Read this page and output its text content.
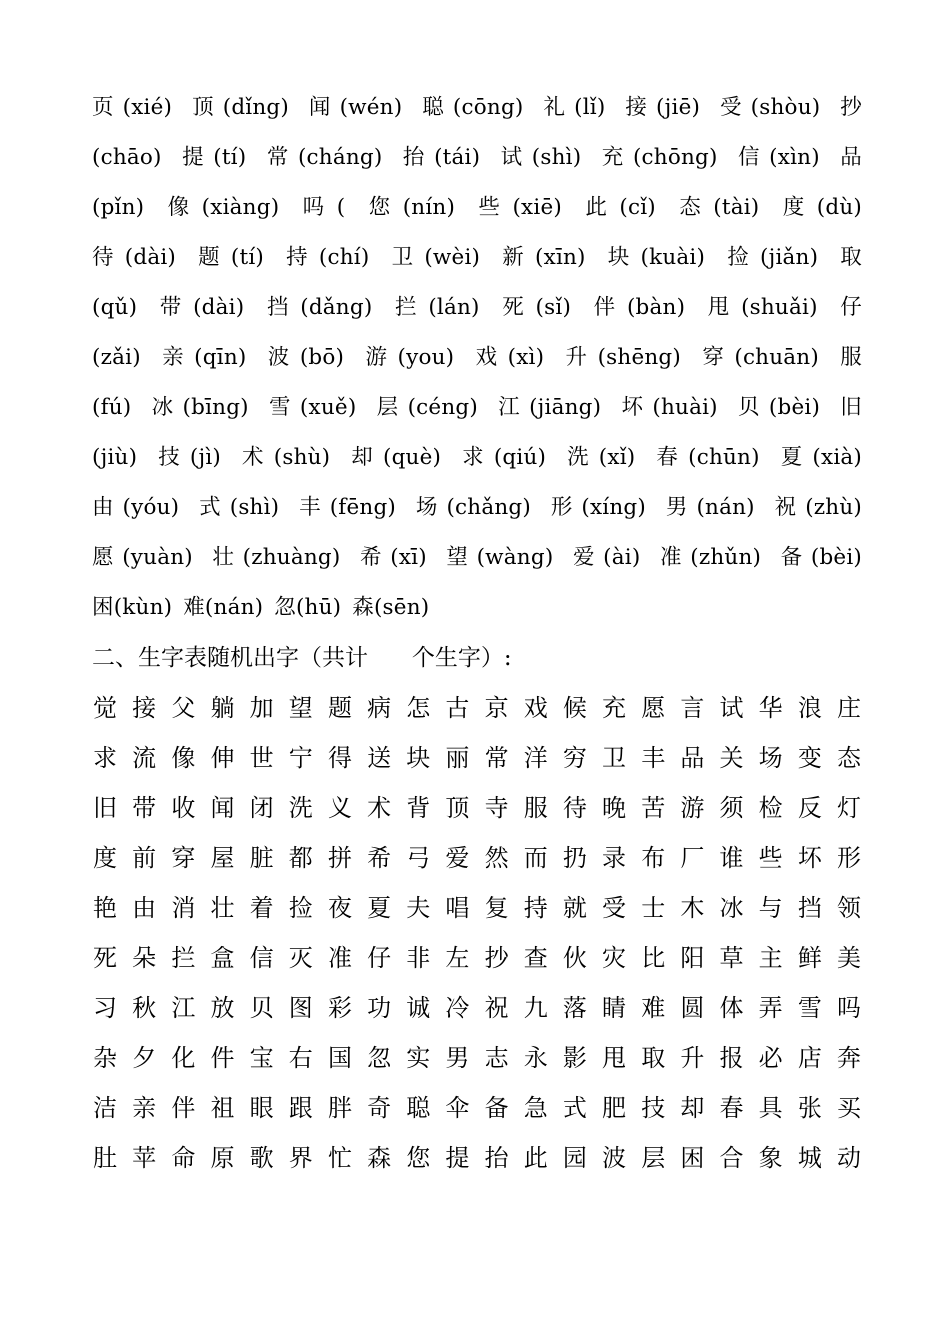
页(xié) 顶(dǐng) 闻(wén) 聪(cōng) 礼(lǐ) 接(jiē) 受(shòu) 抄
(chāo) 提(tí) 常(cháng) 抬(tái) 试(shì) 充(chōng) 信(xìn) 品
(pǐn) 像(xiàng) 吗( 您(nín) 些(xiē) 此(cǐ) 态(tài) 度(dù)
待(dài) 题(tí) 持(chí) 卫(wèi) 新(xīn) 块(kuài) 捡(jiǎn) 取
(qǔ) 带(dài) 挡(dǎng) 拦(lán) 死(sǐ) 伴(bàn) 甩(shuǎi) 仔
(zǎi) 亲(qīn) 波(bō) 游(you) 戏(xì) 升(shēng) 穿(chuān) 服
(fú) 冰(bīng) 雪(xuě) 层(céng) 江(jiāng) 坏(huài) 贝(bèi) 旧
(jiù) 技(jì) 术(shù) 却(què) 求(qiú) 洗(xǐ) 春(chūn) 夏(xià)
由(yóu) 式(shì) 丰(fēng) 场(chǎng) 形(xíng) 男(nán) 祝(zhù)
愿(yuàn) 壮(zhuàng) 希(xī) 望(wàng) 爱(ài) 准(zhǔn) 备(bèi)
困(kùn) 难(nán) 忽(hū) 森(sēn)
二、生字表随机出字（共计      个生字）:
觉 接 父 躺 加 望 题 病 怎 古 京 戏 候 充 愿 言 试 华 浪 庄
求 流 像 伸 世 宁 得 送 块 丽 常 洋 穷 卫 丰 品 关 场 变 态
旧 带 收 闻 闭 洗 义 术 背 顶 寺 服 待 晚 苦 游 须 检 反 灯
度 前 穿 屋 脏 都 拼 希 弓 爱 然 而 扔 录 布 厂 谁 些 坏 形
艳 由 消 壮 着 捡 夜 夏 夫 唱 复 持 就 受 士 木 冰 与 挡 领
死 朵 拦 盒 信 灭 准 仔 非 左 抄 查 伙 灾 比 阳 草 主 鲜 美
习 秋 江 放 贝 图 彩 功 诚 冷 祝 九 落 睛 难 圆 体 弄 雪 吗
杂 夕 化 件 宝 右 国 忽 实 男 志 永 影 甩 取 升 报 必 店 奔
洁 亲 伴 祖 眼 跟 胖 奇 聪 伞 备 急 式 肥 技 却 春 具 张 买
肚 苹 命 原 歌 界 忙 森 您 提 抬 此 园 波 层 困 合 象 城 动
